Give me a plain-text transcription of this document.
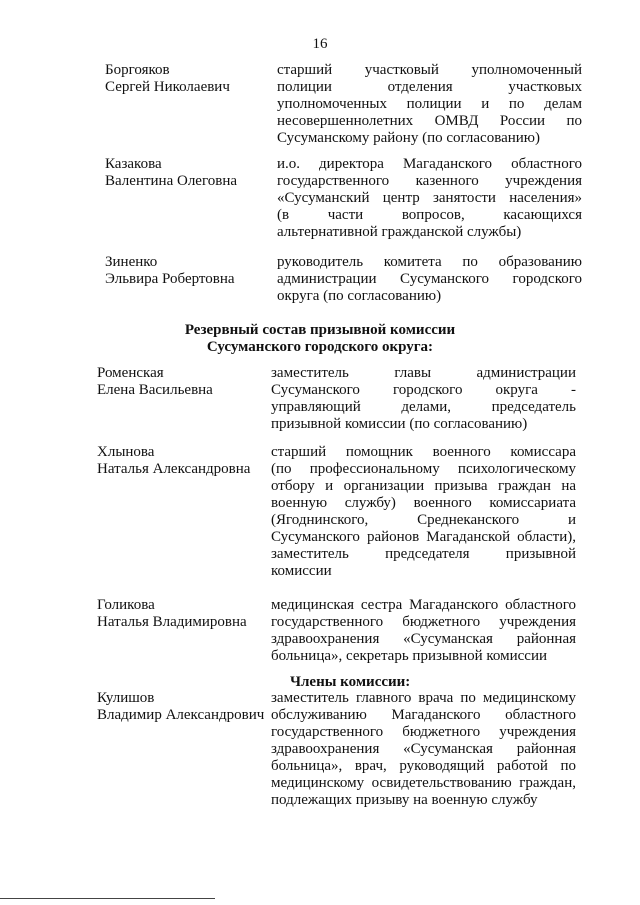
16
Боргояков
Сергей Николаевич
старший участковый уполномоченный
полиции отделения участковых
уполномоченных полиции и по делам
несовершеннолетних ОМВД России по
Сусуманскому району (по согласованию)
Казакова
Валентина Олеговна
и.о. директора Магаданского областного
государственного казенного учреждения
«Сусуманский центр занятости населения»
(в части вопросов, касающихся
альтернативной гражданской службы)
Зиненко
Эльвира Робертовна
руководитель комитета по образованию
администрации Сусуманского городского
округа (по согласованию)
Резервный состав призывной комиссии
Сусуманского городского округа:
Роменская
Елена Васильевна
заместитель главы администрации
Сусуманского городского округа -
управляющий делами, председатель
призывной комиссии (по согласованию)
Хлынова
Наталья Александровна
старший помощник военного комиссара
(по профессиональному психологическому
отбору и организации призыва граждан на
военную службу) военного комиссариата
(Ягоднинского, Среднеканского и
Сусуманского районов Магаданской области),
заместитель председателя призывной
комиссии
Голикова
Наталья Владимировна
медицинская сестра Магаданского областного
государственного бюджетного учреждения
здравоохранения «Сусуманская районная
больница», секретарь призывной комиссии
Члены комиссии:
Кулишов
Владимир Александрович
заместитель главного врача по медицинскому
обслуживанию Магаданского областного
государственного бюджетного учреждения
здравоохранения «Сусуманская районная
больница», врач, руководящий работой по
медицинскому освидетельствованию граждан,
подлежащих призыву на военную службу
